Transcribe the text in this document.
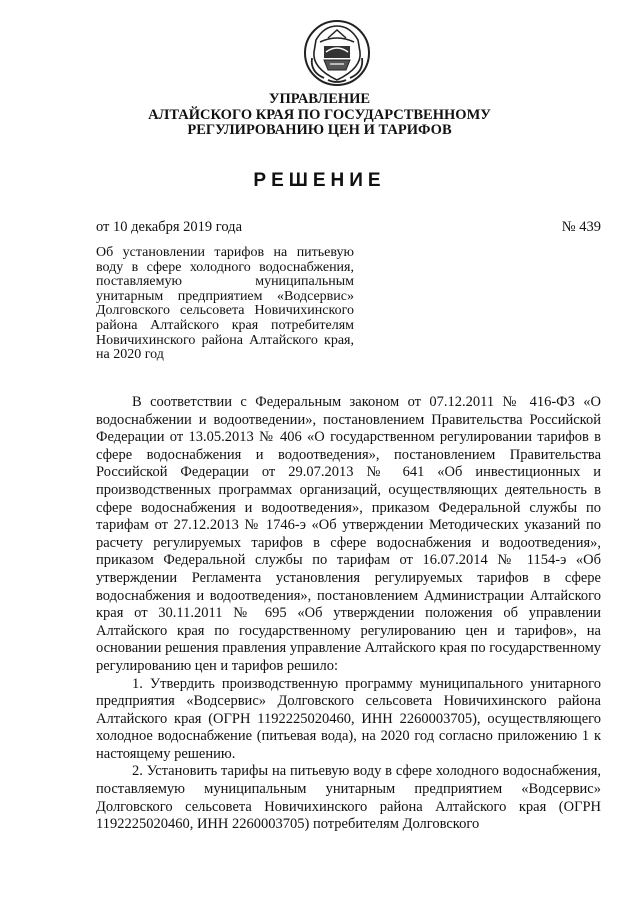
УПРАВЛЕНИЕ
АЛТАЙСКОГО КРАЯ ПО ГОСУДАРСТВЕННОМУ
РЕГУЛИРОВАНИЮ ЦЕН И ТАРИФОВ
РЕШЕНИЕ
от 10 декабря 2019 года	№ 439
Об установлении тарифов на питьевую воду в сфере холодного водоснабжения, поставляемую муниципальным унитарным предприятием «Водсервис» Долговского сельсовета Новичихинского района Алтайского края потребителям Новичихинского района Алтайского края, на 2020 год

В соответствии с Федеральным законом от 07.12.2011 № 416-ФЗ «О водоснабжении и водоотведении», постановлением Правительства Российской Федерации от 13.05.2013 № 406 «О государственном регулировании тарифов в сфере водоснабжения и водоотведения», постановлением Правительства Российской Федерации от 29.07.2013 № 641 «Об инвестиционных и производственных программах организаций, осуществляющих деятельность в сфере водоснабжения и водоотведения», приказом Федеральной службы по тарифам от 27.12.2013 № 1746-э «Об утверждении Методических указаний по расчету регулируемых тарифов в сфере водоснабжения и водоотведения», приказом Федеральной службы по тарифам от 16.07.2014 № 1154-э «Об утверждении Регламента установления регулируемых тарифов в сфере водоснабжения и водоотведения», постановлением Администрации Алтайского края от 30.11.2011 № 695 «Об утверждении положения об управлении Алтайского края по государственному регулированию цен и тарифов», на основании решения правления управление Алтайского края по государственному регулированию цен и тарифов решило:

1. Утвердить производственную программу муниципального унитарного предприятия «Водсервис» Долговского сельсовета Новичихинского района Алтайского края (ОГРН 1192225020460, ИНН 2260003705), осуществляющего холодное водоснабжение (питьевая вода), на 2020 год согласно приложению 1 к настоящему решению.

2. Установить тарифы на питьевую воду в сфере холодного водоснабжения, поставляемую муниципальным унитарным предприятием «Водсервис» Долговского сельсовета Новичихинского района Алтайского края (ОГРН 1192225020460, ИНН 2260003705) потребителям Долговского
